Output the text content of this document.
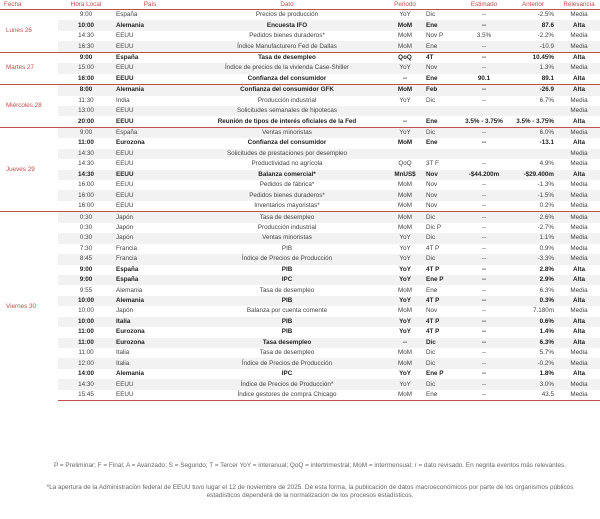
Fecha	Hora Local	País	Dato	Periodo		Estimado	Anterior	Relevancia
Lunes 26	9:00	España	Precios de producción	YoY	Dic	--	-2.5%	Media
	10:00	Alemania	Encuesta IFO	MoM	Ene	--	87.6	Alta
	14:30	EEUU	Pedidos bienes duraderos*	MoM	Nov P	3.5%	-2.2%	Media
	16:30	EEUU	Índice Manufacturero Fed de Dallas	MoM	Ene	--	-10.9	Media
Martes 27	9:00	España	Tasa de desempleo	QoQ	4T	--	10.45%	Alta
	15:00	EEUU	Índice de precios de la vivienda Case-Shiller	YoY	Nov	--	1.3%	Media
	16:00	EEUU	Confianza del consumidor	--	Ene	90.1	89.1	Alta
Miércoles 28	8:00	Alemania	Confianza del consumidor GFK	MoM	Feb	--	-26.9	Alta
	11:30	India	Producción industrial	YoY	Dic	--	6.7%	Media
	13:00	EEUU	Solicitudes semanales de hipotecas					Media
	20:00	EEUU	Reunión de tipos de interés oficiales de la Fed	--	Ene	3.5% - 3.75%	3.5% - 3.75%	Alta
Jueves 29	9:00	España	Ventas minoristas	YoY	Dic	--	6.0%	Media
	11:00	Eurozona	Confianza del consumidor	MoM	Ene	--	-13.1	Alta
	14:30	EEUU	Solicitudes de prestaciones por desempleo					Media
	14:30	EEUU	Productividad no agrícola	QoQ	3T F	--	4.9%	Media
	14:30	EEUU	Balanza comercial*	MnUS$	Nov	-$44.200m	-$29.400m	Alta
	16:00	EEUU	Pedidos de fábrica*	MoM	Nov	--	-1.3%	Media
	16:00	EEUU	Pedidos bienes duraderos*	MoM	Nov	--	-1.5%	Media
	16:00	EEUU	Inventarios mayoristas*	MoM	Nov	--	0.2%	Media
Viernes 30	0:30	Japón	Tasa de desempleo	MoM	Dic	--	2.6%	Media
	0:30	Japón	Producción industrial	MoM	Dic P	--	-2.7%	Media
	0:30	Japón	Ventas minoristas	YoY	Dic	--	1.1%	Media
	7:30	Francia	PIB	YoY	4T P	--	0.9%	Media
	8:45	Francia	Índice de Precios de Producción	YoY	Dic	--	-3.3%	Media
	9:00	España	PIB	YoY	4T P	--	2.8%	Alta
	9:00	España	IPC	YoY	Ene P	--	2.9%	Alta
	9:55	Alemania	Tasa de desempleo	MoM	Ene	--	6.3%	Media
	10:00	Alemania	PIB	YoY	4T P	--	0.3%	Alta
	10:00	Japón	Balanza por cuenta comente	MoM	Nov	--	7.180m	Media
	10:00	Italia	PIB	YoY	4T P	--	0.6%	Alta
	11:00	Eurozona	PIB	YoY	4T P	--	1.4%	Alta
	11:00	Eurozona	Tasa desempleo	--	Dic	--	6.3%	Alta
	11:00	Italia	Tasa de desempleo	MoM	Dic	--	5.7%	Media
	12:00	Italia	Índice de Precios de Producción	MoM	Dic	--	-0.2%	Media
	14:00	Alemania	IPC	YoY	Ene P	--	1.8%	Alta
	14:30	EEUU	Índice de Precios de Producción*	YoY	Dic	--	3.0%	Media
	15:45	EEUU	Índice gestores de compra Chicago	MoM	Ene	--	43.5	Media
P = Preliminar; F = Final; A = Avanzado; S = Segundo; T = Tercer YoY = interanual; QoQ = intertrimestral; MoM = intermensual; r = dato revisado. En negrita eventos más relevantes.
*La apertura de la Administración federal de EEUU tuvo lugar el 12 de noviembre de 2025. De esta forma, la publicación de datos macroeconómicos por parte de los organismos públicos estadísticos dependerá de la normalización de los procesos estadísticos.
